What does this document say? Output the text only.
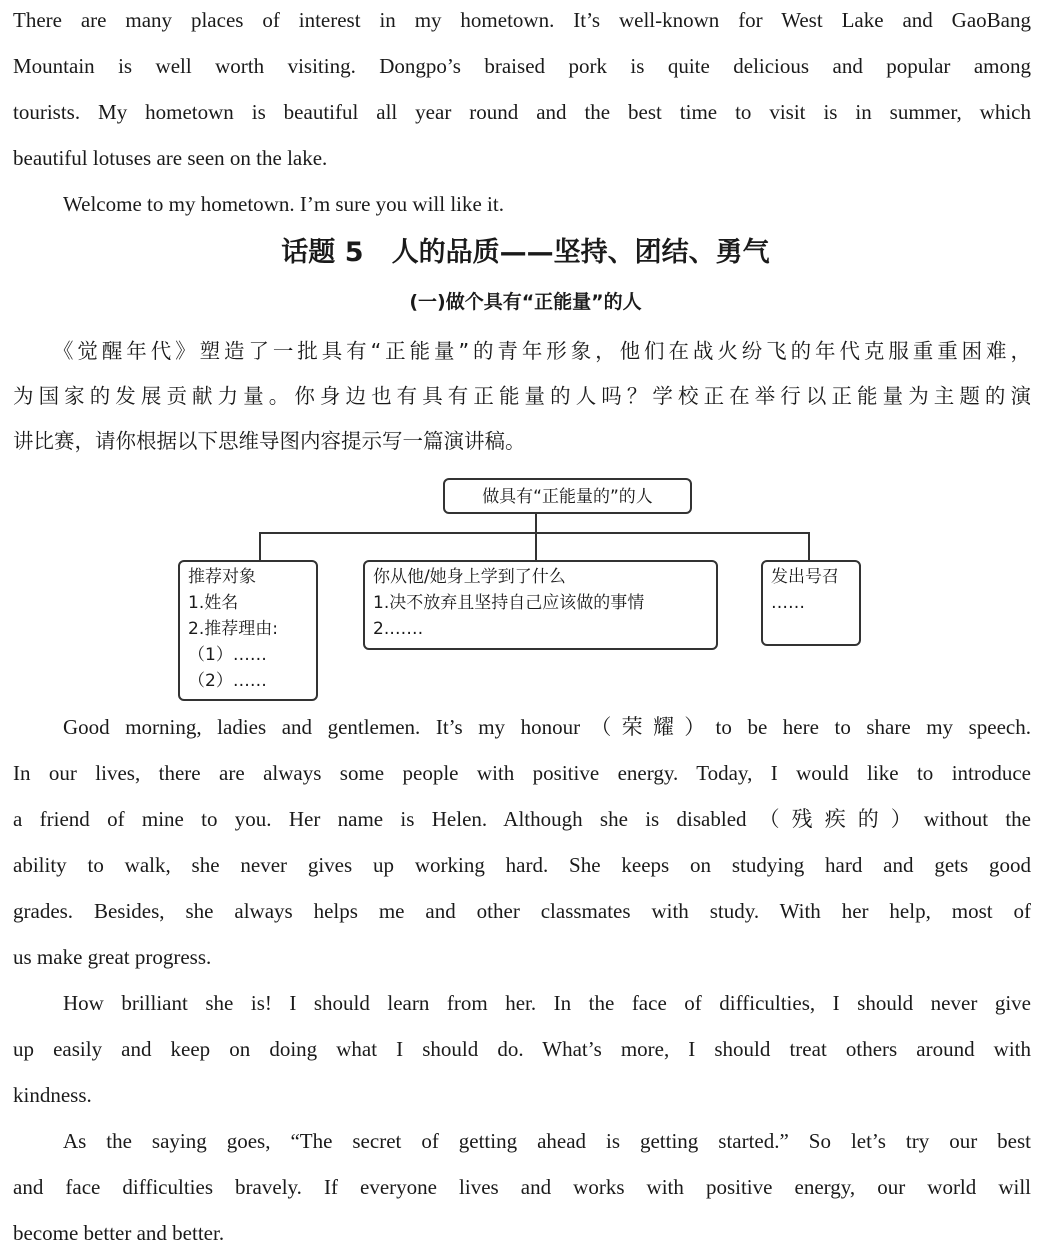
There are many places of interest in my hometown. It’s well-known for West Lake and GaoBang
Mountain is well worth visiting. Dongpo’s braised pork is quite delicious and popular among
tourists. My hometown is beautiful all year round and the best time to visit is in summer, which
beautiful lotuses are seen on the lake.
Welcome to my hometown. I’m sure you will like it.
话题 5   人的品质——坚持、团结、勇气
(一)做个具有“正能量”的人
《觉醒年代》塑造了一批具有“正能量”的青年形象，他们在战火纷飞的年代克服重重困难，
为国家的发展贡献力量。你身边也有具有正能量的人吗？学校正在举行以正能量为主题的演
讲比赛，请你根据以下思维导图内容提示写一篇演讲稿。
做具有“正能量的”的人
推荐对象
1.姓名
2.推荐理由:
（1）……
（2）……
你从他/她身上学到了什么
1.决不放弃且坚持自己应该做的事情
2.……
发出号召
……
Good morning, ladies and gentlemen. It’s my honour（荣耀）to be here to share my speech.
In our lives, there are always some people with positive energy. Today, I would like to introduce
a friend of mine to you. Her name is Helen. Although she is disabled（残疾的）without the
ability to walk, she never gives up working hard. She keeps on studying hard and gets good
grades. Besides, she always helps me and other classmates with study. With her help, most of
us make great progress.
How brilliant she is! I should learn from her. In the face of difficulties, I should never give
up easily and keep on doing what I should do. What’s more, I should treat others around with
kindness.
As the saying goes, “The secret of getting ahead is getting started.” So let’s try our best
and face difficulties bravely. If everyone lives and works with positive energy, our world will
become better and better.
